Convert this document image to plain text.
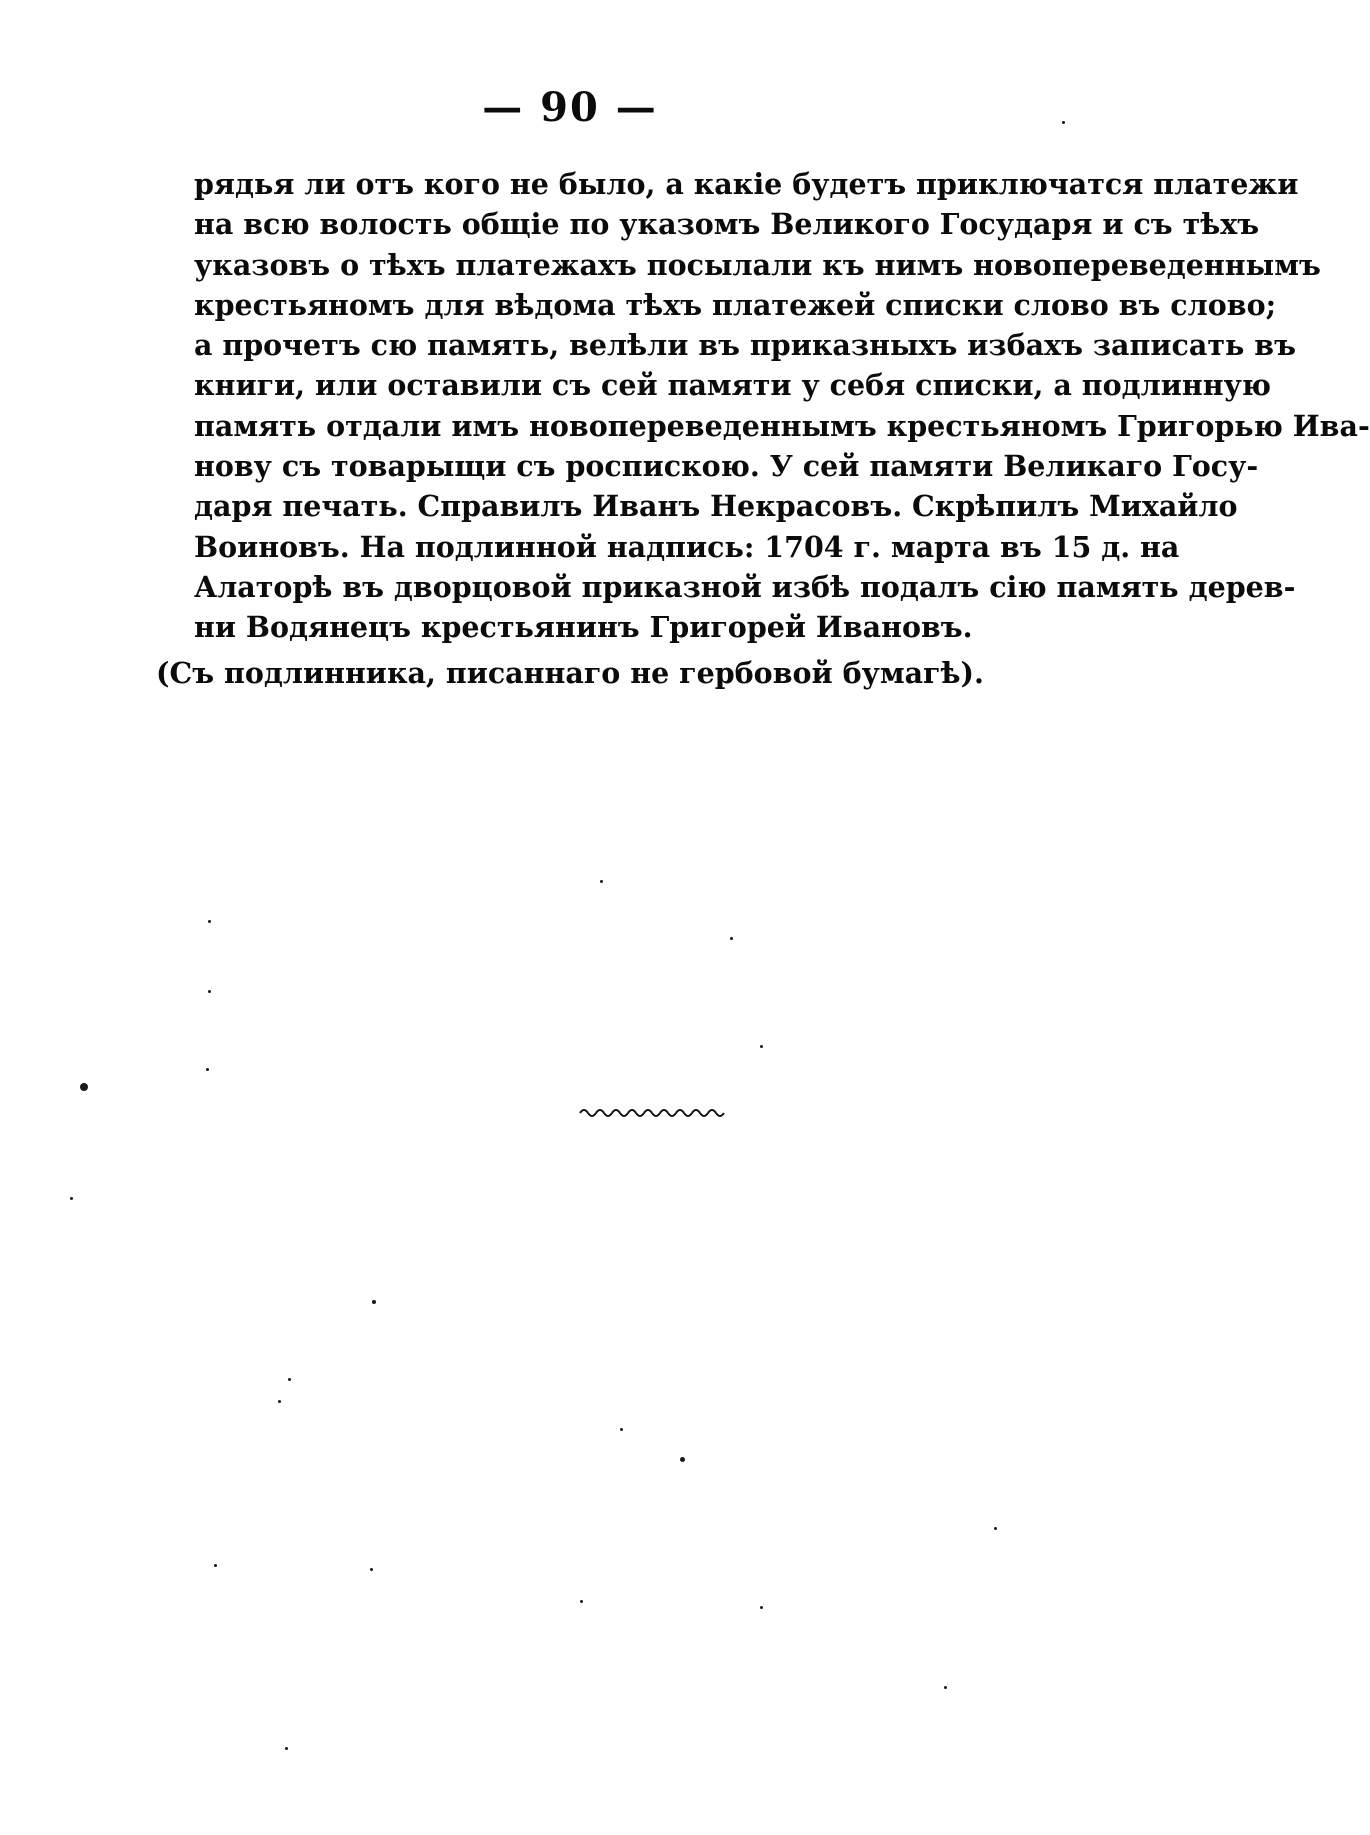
— 90 —
рядья ли отъ кого не было, а какіе будетъ приключатся платежи
на всю волость общіе по указомъ Великого Государя и съ тѣхъ
указовъ о тѣхъ платежахъ посылали къ нимъ новопереведеннымъ
крестьяномъ для вѣдома тѣхъ платежей списки слово въ слово;
а прочетъ сю память, велѣли въ приказныхъ избахъ записать въ
книги, или оставили съ сей памяти у себя списки, а подлинную
память отдали имъ новопереведеннымъ крестьяномъ Григорью Ива-
нову съ товарыщи съ роспискою. У сей памяти Великаго Госу-
даря печать. Справилъ Иванъ Некрасовъ. Скрѣпилъ Михайло
Воиновъ. На подлинной надпись: 1704 г. марта въ 15 д. на
Алаторѣ въ дворцовой приказной избѣ подалъ сію память дерев-
ни Водянецъ крестьянинъ Григорей Ивановъ.
(Съ подлинника, писаннаго не гербовой бумагѣ).
